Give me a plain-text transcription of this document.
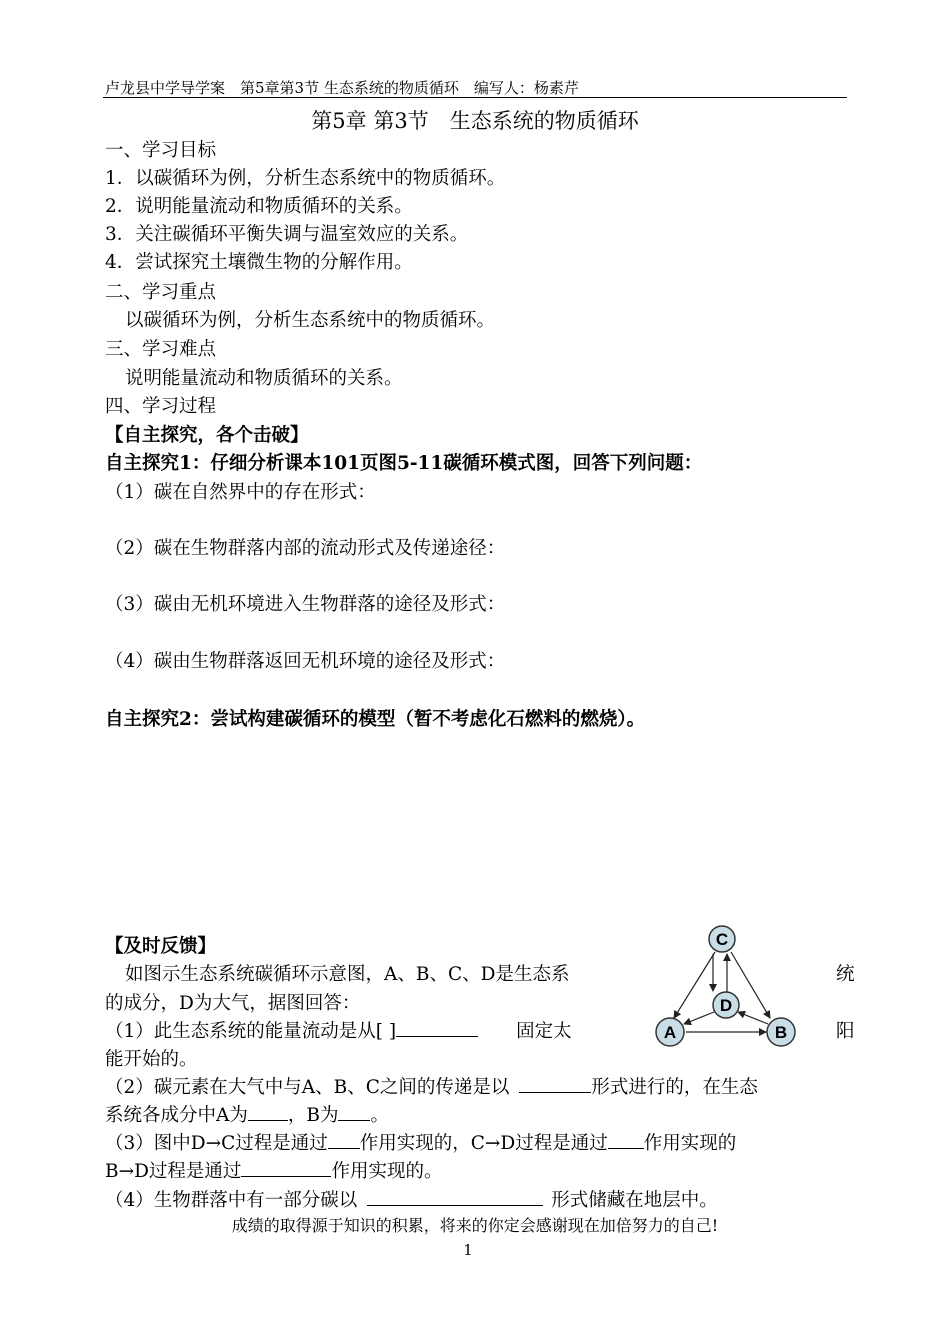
卢龙县中学导学案　第5章第3节 生态系统的物质循环　编写人：杨素芹
第5章 第3节　生态系统的物质循环
一、学习目标
1．以碳循环为例，分析生态系统中的物质循环。
2．说明能量流动和物质循环的关系。
3．关注碳循环平衡失调与温室效应的关系。
4．尝试探究土壤微生物的分解作用。
二、学习重点
以碳循环为例，分析生态系统中的物质循环。
三、学习难点
说明能量流动和物质循环的关系。
四、学习过程
【自主探究，各个击破】
自主探究1：仔细分析课本101页图5-11碳循环模式图，回答下列问题：
（1）碳在自然界中的存在形式：
（2）碳在生物群落内部的流动形式及传递途径：
（3）碳由无机环境进入生物群落的途径及形式：
（4）碳由生物群落返回无机环境的途径及形式：
自主探究2：尝试构建碳循环的模型（暂不考虑化石燃料的燃烧）。
【及时反馈】
如图示生态系统碳循环示意图，A、B、C、D是生态系	统
的成分，D为大气，据图回答：
（1）此生态系统的能量流动是从[ ]	固定太	阳
能开始的。
（2）碳元素在大气中与A、B、C之间的传递是以	形式进行的，在生态
系统各成分中A为 ，B为 。
（3）图中D→C过程是通过 作用实现的，C→D过程是通过 作用实现的
B→D过程是通过	作用实现的。
（4）生物群落中有一部分碳以	形式储藏在地层中。
C
D
A	B
成绩的取得源于知识的积累，将来的你定会感谢现在加倍努力的自己!
1
